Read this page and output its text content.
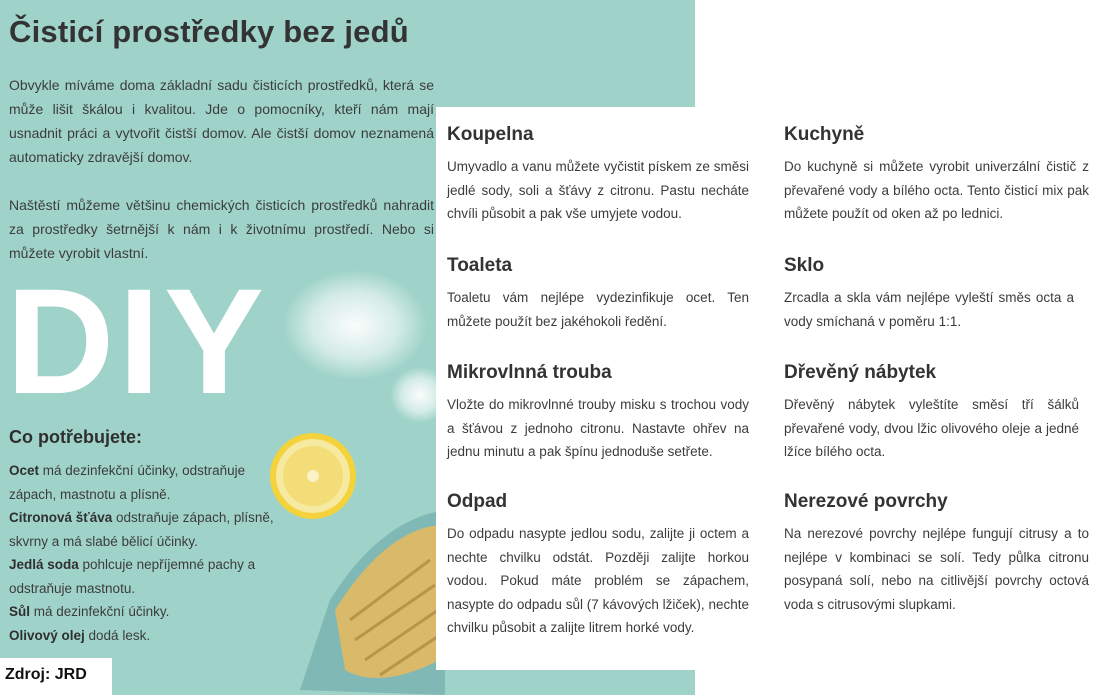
Čisticí prostředky bez jedů

Obvykle míváme doma základní sadu čisticích prostředků, která se může lišit škálou i kvalitou. Jde o pomocníky, kteří nám mají usnadnit práci a vytvořit čistší domov. Ale čistší domov neznamená automaticky zdravější domov.

Naštěstí můžeme většinu chemických čisticích prostředků nahradit za prostředky šetrnější k nám i k životnímu prostředí. Nebo si můžete vyrobit vlastní.

DIY
Co potřebujete:
Ocet má dezinfekční účinky, odstraňuje zápach, mastnotu a plísně.
Citronová šťáva odstraňuje zápach, plísně, skvrny a má slabé bělicí účinky.
Jedlá soda pohlcuje nepříjemné pachy a odstraňuje mastnotu.
Sůl má dezinfekční účinky.
Olivový olej dodá lesk.
Zdroj: JRD
Koupelna

Umyvadlo a vanu můžete vyčistit pískem ze směsi jedlé sody, soli a šťávy z citronu. Pastu necháte chvíli působit a pak vše umyjete vodou.

Kuchyně

Do kuchyně si můžete vyrobit univerzální čistič z převařené vody a bílého octa. Tento čisticí mix pak můžete použít od oken až po lednici.

Toaleta

Toaletu vám nejlépe vydezinfikuje ocet. Ten můžete použít bez jakéhokoli ředění.

Sklo

Zrcadla a skla vám nejlépe vyleští směs octa a vody smíchaná v poměru 1:1.

Mikrovlnná trouba

Vložte do mikrovlnné trouby misku s trochou vody a šťávou z jednoho citronu. Nastavte ohřev na jednu minutu a pak špínu jednoduše setřete.

Dřevěný nábytek

Dřevěný nábytek vyleštíte směsí tří šálků převařené vody, dvou lžic olivového oleje a jedné lžíce bílého octa.

Odpad

Do odpadu nasypte jedlou sodu, zalijte ji octem a nechte chvilku odstát. Později zalijte horkou vodou. Pokud máte problém se zápachem, nasypte do odpadu sůl (7 kávových lžiček), nechte chvilku působit a zalijte litrem horké vody.

Nerezové povrchy

Na nerezové povrchy nejlépe fungují citrusy a to nejlépe v kombinaci se solí. Tedy půlka citronu posypaná solí, nebo na citlivější povrchy octová voda s citrusovými slupkami.
